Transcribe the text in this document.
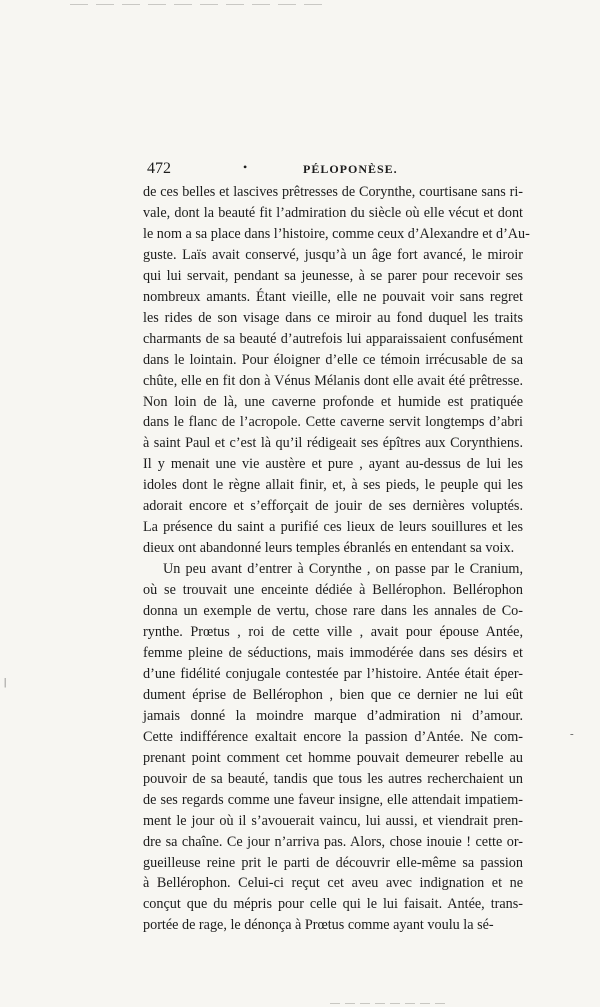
472	•	PÉLOPONÈSE.

de ces belles et lascives prêtresses de Corynthe, courtisane sans ri-
vale, dont la beauté fit l’admiration du siècle où elle vécut et dont
le nom a sa place dans l’histoire, comme ceux d’Alexandre et d’Au-
guste. Laïs avait conservé, jusqu’à un âge fort avancé, le miroir
qui lui servait, pendant sa jeunesse, à se parer pour recevoir ses
nombreux amants. Étant vieille, elle ne pouvait voir sans regret
les rides de son visage dans ce miroir au fond duquel les traits
charmants de sa beauté d’autrefois lui apparaissaient confusément
dans le lointain. Pour éloigner d’elle ce témoin irrécusable de sa
chûte, elle en fit don à Vénus Mélanis dont elle avait été prêtresse.
Non loin de là, une caverne profonde et humide est pratiquée
dans le flanc de l’acropole. Cette caverne servit longtemps d’abri
à saint Paul et c’est là qu’il rédigeait ses épîtres aux Corynthiens.
Il y menait une vie austère et pure , ayant au-dessus de lui les
idoles dont le règne allait finir, et, à ses pieds, le peuple qui les
adorait encore et s’efforçait de jouir de ses dernières voluptés.
La présence du saint a purifié ces lieux de leurs souillures et les
dieux ont abandonné leurs temples ébranlés en entendant sa voix.

Un peu avant d’entrer à Corynthe , on passe par le Cranium,
où se trouvait une enceinte dédiée à Bellérophon. Bellérophon
donna un exemple de vertu, chose rare dans les annales de Co-
rynthe. Prœtus , roi de cette ville , avait pour épouse Antée,
femme pleine de séductions, mais immodérée dans ses désirs et
d’une fidélité conjugale contestée par l’histoire. Antée était éper-
dument éprise de Bellérophon , bien que ce dernier ne lui eût
jamais donné la moindre marque d’admiration ni d’amour.
Cette indifférence exaltait encore la passion d’Antée. Ne com-
prenant point comment cet homme pouvait demeurer rebelle au
pouvoir de sa beauté, tandis que tous les autres recherchaient un
de ses regards comme une faveur insigne, elle attendait impatiem-
ment le jour où il s’avouerait vaincu, lui aussi, et viendrait pren-
dre sa chaîne. Ce jour n’arriva pas. Alors, chose inouie ! cette or-
gueilleuse reine prit le parti de découvrir elle-même sa passion
à Bellérophon. Celui-ci reçut cet aveu avec indignation et ne
conçut que du mépris pour celle qui le lui faisait. Antée, trans-
portée de rage, le dénonça à Prœtus comme ayant voulu la sé-

|
-
